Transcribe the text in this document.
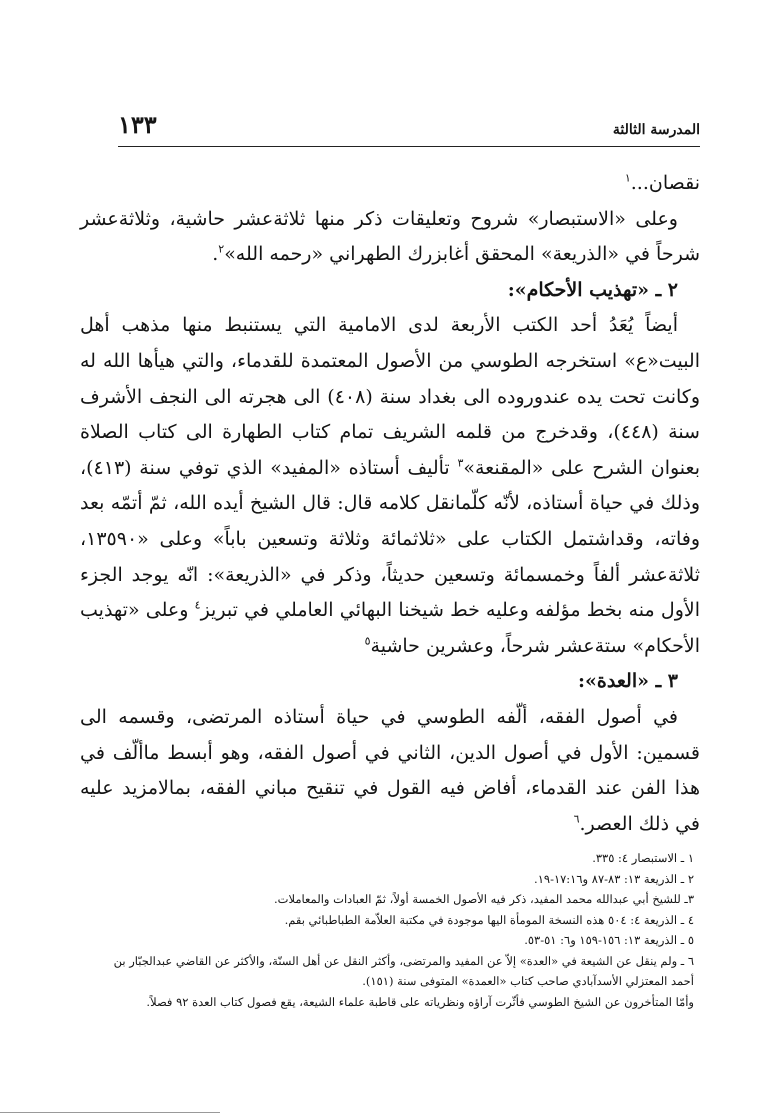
١٣٣	المدرسة الثالثة

نقصان...$^١$

وعلى «الاستبصار» شروح وتعليقات ذكر منها ثلاثةعشر حاشية، وثلاثةعشر شرحاً في «الذريعة» المحقق أغابزرك الطهراني «رحمه الله»$^٢$.

٢ ـ «تهذيب الأحكام»:

أيضاً يُعَدُ أحد الكتب الأربعة لدى الامامية التي يستنبط منها مذهب أهل البيت«ع» استخرجه الطوسي من الأصول المعتمدة للقدماء، والتي هيأها الله له وكانت تحت يده عندوروده الى بغداد سنة (٤٠٨) الى هجرته الى النجف الأشرف سنة (٤٤٨)، وقدخرج من قلمه الشريف تمام كتاب الطهارة الى كتاب الصلاة بعنوان الشرح على «المقنعة»$^٣$ تأليف أستاذه «المفيد» الذي توفي سنة (٤١٣)، وذلك في حياة أستاذه، لأنّه كلّمانقل كلامه قال: قال الشيخ أيده الله، ثمّ أتمّه بعد وفاته، وقداشتمل الكتاب على «ثلاثمائة وثلاثة وتسعين باباً» وعلى «١٣٥٩٠، ثلاثةعشر ألفاً وخمسمائة وتسعين حديثاً، وذكر في «الذريعة»: انّه يوجد الجزء الأول منه بخط مؤلفه وعليه خط شيخنا البهائي العاملي في تبريز$^٤$ وعلى «تهذيب الأحكام» ستةعشر شرحاً، وعشرين حاشية$^٥$

٣ ـ «العدة»:

في أصول الفقه، ألّفه الطوسي في حياة أستاذه المرتضى، وقسمه الى قسمين: الأول في أصول الدين، الثاني في أصول الفقه، وهو أبسط ماألّف في هذا الفن عند القدماء، أفاض فيه القول في تنقيح مباني الفقه، بمالامزيد عليه في ذلك العصر.$^٦$

١ ـ الاستبصار ٤: ٣٣٥.

٢ ـ الذريعة ١٣: ٨٣-٨٧ و١٧:١٦-١٩.

٣ـ للشيخ أبي عبدالله محمد المفيد، ذكر فيه الأصول الخمسة أولاً، ثمّ العبادات والمعاملات.

٤ ـ الذريعة ٤: ٥٠٤ هذه النسخة المومأة اليها موجودة في مكتبة العلاّمة الطباطبائي بقم.

٥ ـ الذريعة ١٣: ١٥٦-١٥٩ و٦: ٥١-٥٣.

٦ ـ ولم ينقل عن الشيعة في «العدة» إلاّ عن المفيد والمرتضى، وأكثر النقل عن أهل السنّة، والأكثر عن القاضي عبدالجبّار بن أحمد المعتزلي الأسدآبادي صاحب كتاب «العمدة» المتوفى سنة (١٥١).

وأمّا المتأخرون عن الشيخ الطوسي فأثّرت آراؤه ونظرياته على قاطبة علماء الشيعة، يقع فصول كتاب العدة ٩٢ فصلاً.
